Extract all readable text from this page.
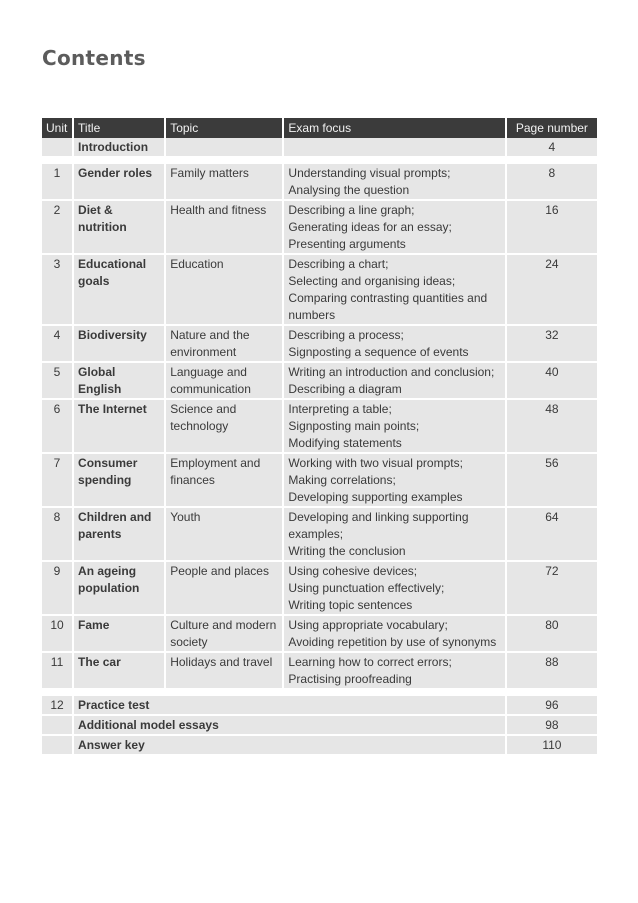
Contents
Unit	Title	Topic	Exam focus	Page number
	Introduction			4

1	Gender roles	Family matters	Understanding visual prompts;
Analysing the question	8
2	Diet & nutrition	Health and fitness	Describing a line graph;
Generating ideas for an essay;
Presenting arguments	16
3	Educational goals	Education	Describing a chart;
Selecting and organising ideas;
Comparing contrasting quantities and numbers	24
4	Biodiversity	Nature and the environment	Describing a process;
Signposting a sequence of events	32
5	Global English	Language and communication	Writing an introduction and conclusion;
Describing a diagram	40
6	The Internet	Science and technology	Interpreting a table;
Signposting main points;
Modifying statements	48
7	Consumer spending	Employment and finances	Working with two visual prompts;
Making correlations;
Developing supporting examples	56
8	Children and parents	Youth	Developing and linking supporting examples;
Writing the conclusion	64
9	An ageing population	People and places	Using cohesive devices;
Using punctuation effectively;
Writing topic sentences	72
10	Fame	Culture and modern society	Using appropriate vocabulary;
Avoiding repetition by use of synonyms	80
11	The car	Holidays and travel	Learning how to correct errors;
Practising proofreading	88

12	Practice test			96
	Additional model essays			98
	Answer key			110
